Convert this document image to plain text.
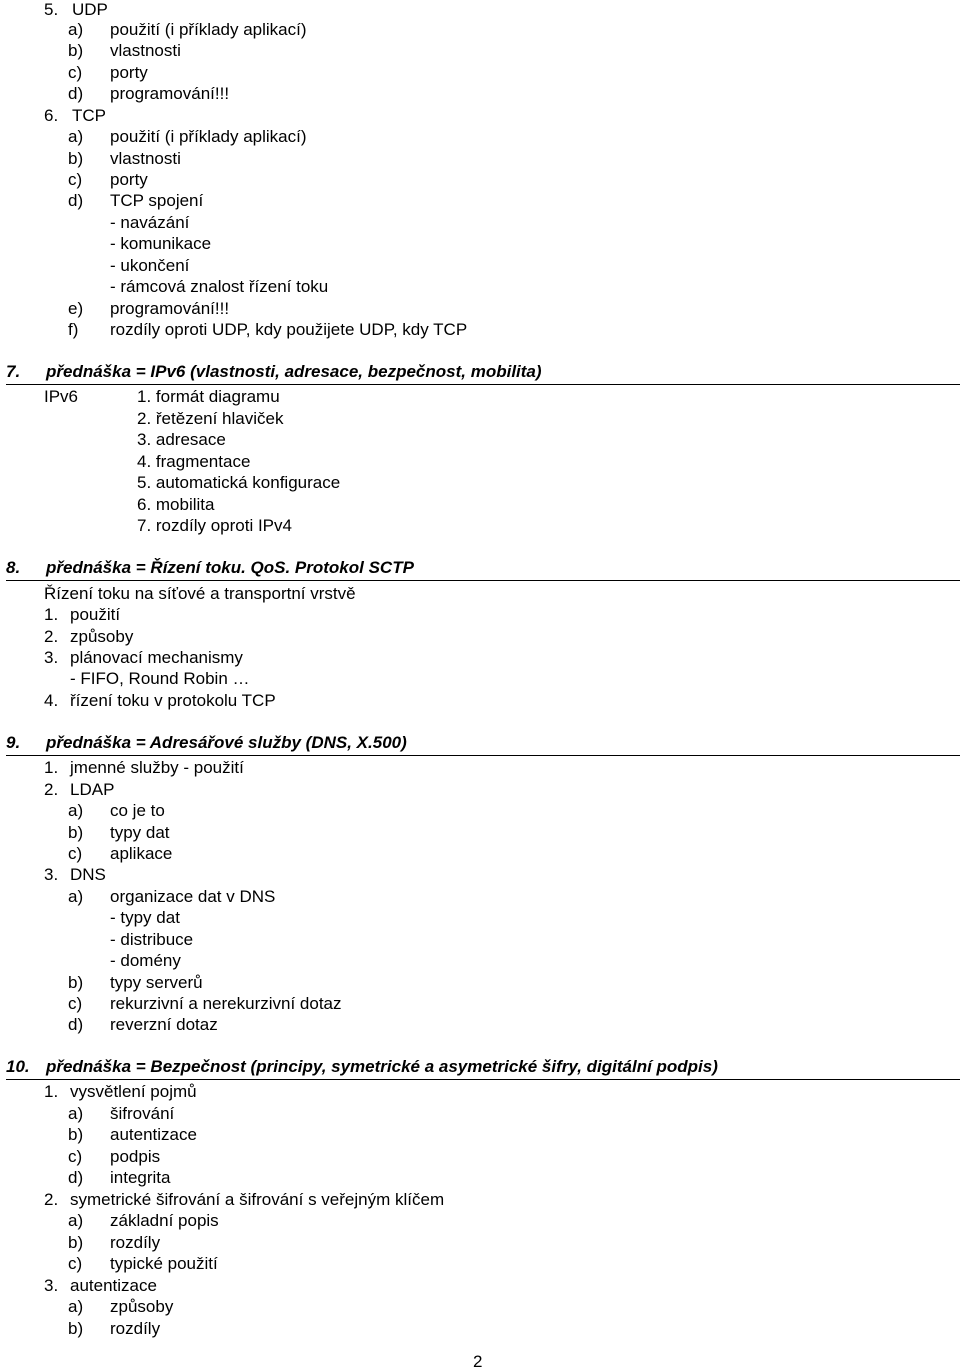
5. UDP
a) použití (i příklady aplikací)
b) vlastnosti
c) porty
d) programování!!!
6. TCP
a) použití (i příklady aplikací)
b) vlastnosti
c) porty
d) TCP spojení
- navázání
- komunikace
- ukončení
- rámcová znalost řízení toku
e) programování!!!
f) rozdíly oproti UDP, kdy použijete UDP, kdy TCP
7. přednáška = IPv6 (vlastnosti, adresace, bezpečnost, mobilita)
IPv6	1. formát diagramu
2. řetězení hlaviček
3. adresace
4. fragmentace
5. automatická konfigurace
6. mobilita
7. rozdíly oproti IPv4
8. přednáška = Řízení toku. QoS. Protokol SCTP
Řízení toku na síťové a transportní vrstvě
1. použití
2. způsoby
3. plánovací mechanismy
- FIFO, Round Robin …
4. řízení toku v protokolu TCP
9. přednáška = Adresářové služby (DNS, X.500)
1. jmenné služby - použití
2. LDAP
a) co je to
b) typy dat
c) aplikace
3. DNS
a) organizace dat v DNS
- typy dat
- distribuce
- domény
b) typy serverů
c) rekurzivní a nerekurzivní dotaz
d) reverzní dotaz
10. přednáška = Bezpečnost (principy, symetrické a asymetrické šifry, digitální podpis)
1. vysvětlení pojmů
a) šifrování
b) autentizace
c) podpis
d) integrita
2. symetrické šifrování a šifrování s veřejným klíčem
a) základní popis
b) rozdíly
c) typické použití
3. autentizace
a) způsoby
b) rozdíly
2
